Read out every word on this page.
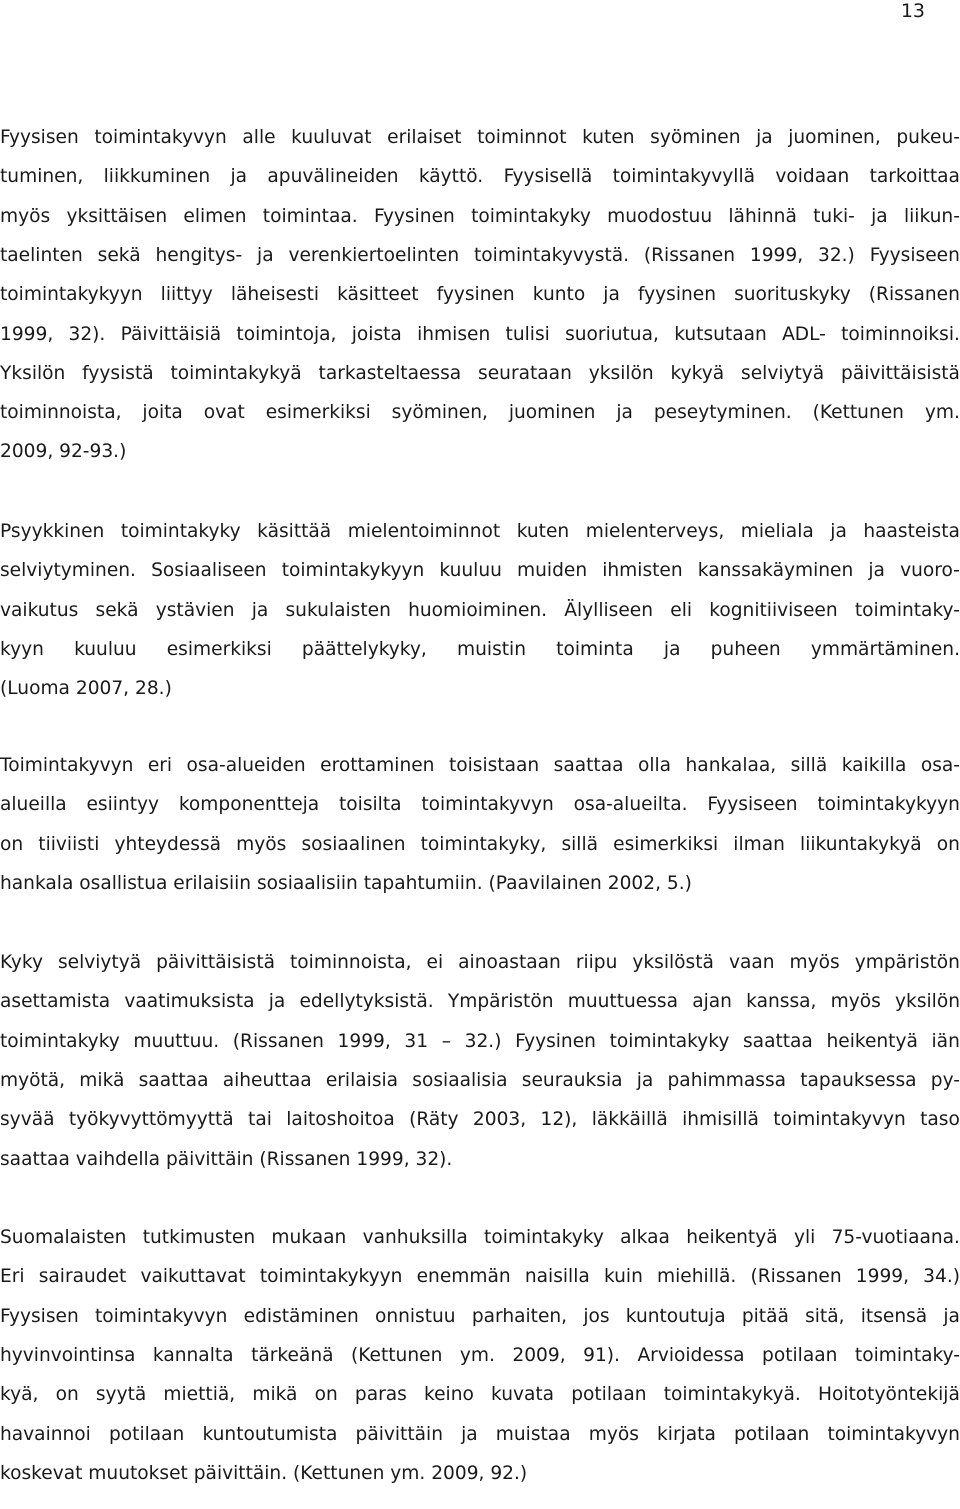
13
Fyysisen toimintakyvyn alle kuuluvat erilaiset toiminnot kuten syöminen ja juominen, pukeu-
tuminen, liikkuminen ja apuvälineiden käyttö. Fyysisellä toimintakyvyllä voidaan tarkoittaa
myös yksittäisen elimen toimintaa. Fyysinen toimintakyky muodostuu lähinnä tuki- ja liikun-
taelinten sekä hengitys- ja verenkiertoelinten toimintakyvystä. (Rissanen 1999, 32.) Fyysiseen
toimintakykyyn liittyy läheisesti käsitteet fyysinen kunto ja fyysinen suorituskyky (Rissanen
1999, 32). Päivittäisiä toimintoja, joista ihmisen tulisi suoriutua, kutsutaan ADL- toiminnoiksi.
Yksilön fyysistä toimintakykyä tarkasteltaessa seurataan yksilön kykyä selviytyä päivittäisistä
toiminnoista, joita ovat esimerkiksi syöminen, juominen ja peseytyminen. (Kettunen ym.
2009, 92-93.)
Psyykkinen toimintakyky käsittää mielentoiminnot kuten mielenterveys, mieliala ja haasteista
selviytyminen. Sosiaaliseen toimintakykyyn kuuluu muiden ihmisten kanssakäyminen ja vuoro-
vaikutus sekä ystävien ja sukulaisten huomioiminen. Älylliseen eli kognitiiviseen toimintaky-
kyyn kuuluu esimerkiksi päättelykyky, muistin toiminta ja puheen ymmärtäminen.
(Luoma 2007, 28.)
Toimintakyvyn eri osa-alueiden erottaminen toisistaan saattaa olla hankalaa, sillä kaikilla osa-
alueilla esiintyy komponentteja toisilta toimintakyvyn osa-alueilta. Fyysiseen toimintakykyyn
on tiiviisti yhteydessä myös sosiaalinen toimintakyky, sillä esimerkiksi ilman liikuntakykyä on
hankala osallistua erilaisiin sosiaalisiin tapahtumiin. (Paavilainen 2002, 5.)
Kyky selviytyä päivittäisistä toiminnoista, ei ainoastaan riipu yksilöstä vaan myös ympäristön
asettamista vaatimuksista ja edellytyksistä. Ympäristön muuttuessa ajan kanssa, myös yksilön
toimintakyky muuttuu. (Rissanen 1999, 31 – 32.) Fyysinen toimintakyky saattaa heikentyä iän
myötä, mikä saattaa aiheuttaa erilaisia sosiaalisia seurauksia ja pahimmassa tapauksessa py-
syvää työkyvyttömyyttä tai laitoshoitoa (Räty 2003, 12), läkkäillä ihmisillä toimintakyvyn taso
saattaa vaihdella päivittäin (Rissanen 1999, 32).
Suomalaisten tutkimusten mukaan vanhuksilla toimintakyky alkaa heikentyä yli 75-vuotiaana.
Eri sairaudet vaikuttavat toimintakykyyn enemmän naisilla kuin miehillä. (Rissanen 1999, 34.)
Fyysisen toimintakyvyn edistäminen onnistuu parhaiten, jos kuntoutuja pitää sitä, itsensä ja
hyvinvointinsa kannalta tärkeänä (Kettunen ym. 2009, 91). Arvioidessa potilaan toimintaky-
kyä, on syytä miettiä, mikä on paras keino kuvata potilaan toimintakykyä. Hoitotyöntekijä
havainnoi potilaan kuntoutumista päivittäin ja muistaa myös kirjata potilaan toimintakyvyn
koskevat muutokset päivittäin. (Kettunen ym. 2009, 92.)
